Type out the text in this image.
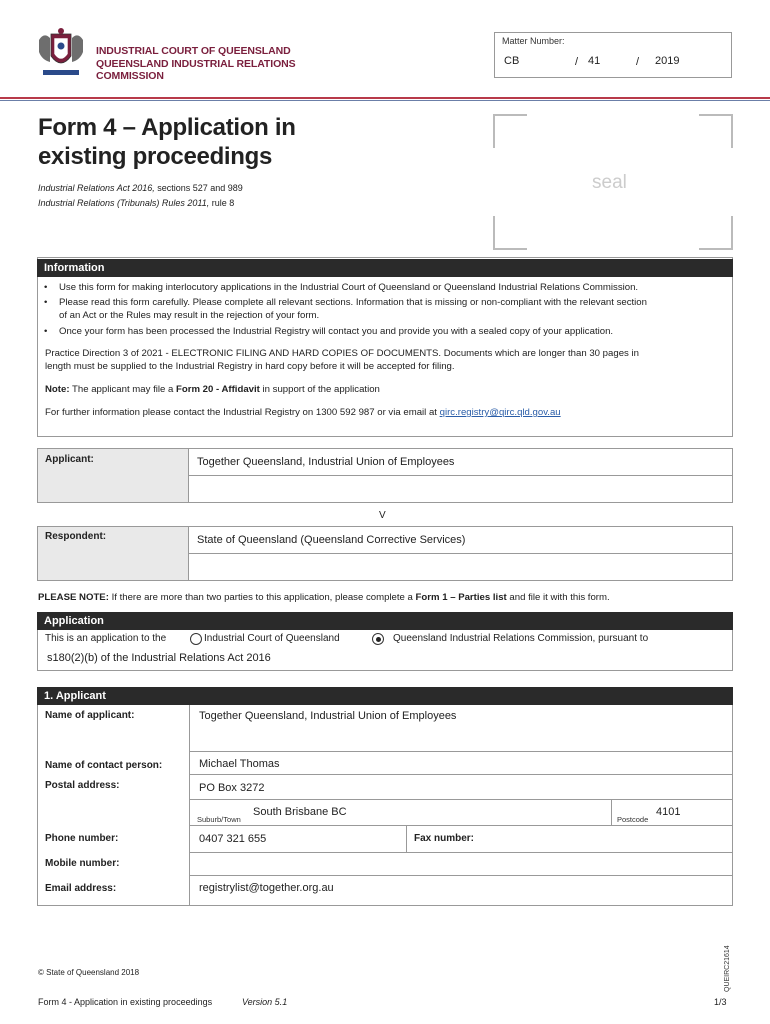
INDUSTRIAL COURT OF QUEENSLAND
QUEENSLAND INDUSTRIAL RELATIONS
COMMISSION
Matter Number:
CB	/ 41	/ 2019
Form 4 – Application in
existing proceedings
Industrial Relations Act 2016, sections 527 and 989
Industrial Relations (Tribunals) Rules 2011, rule 8
seal
Information
• Use this form for making interlocutory applications in the Industrial Court of Queensland or Queensland Industrial Relations Commission.
• Please read this form carefully. Please complete all relevant sections. Information that is missing or non-compliant with the relevant section
of an Act or the Rules may result in the rejection of your form.
• Once your form has been processed the Industrial Registry will contact you and provide you with a sealed copy of your application.
Practice Direction 3 of 2021 - ELECTRONIC FILING AND HARD COPIES OF DOCUMENTS. Documents which are longer than 30 pages in
length must be supplied to the Industrial Registry in hard copy before it will be accepted for filing.
Note: The applicant may file a Form 20 - Affidavit in support of the application
For further information please contact the Industrial Registry on 1300 592 987 or via email at qirc.registry@qirc.qld.gov.au
Applicant:	Together Queensland, Industrial Union of Employees
V
Respondent:	State of Queensland (Queensland Corrective Services)
PLEASE NOTE: If there are more than two parties to this application, please complete a Form 1 – Parties list and file it with this form.
Application
This is an application to the	Industrial Court of Queensland	Queensland Industrial Relations Commission, pursuant to
s180(2)(b) of the Industrial Relations Act 2016
1. Applicant
Name of applicant:	Together Queensland, Industrial Union of Employees
Name of contact person:	Michael Thomas
Postal address:	PO Box 3272
Suburb/Town
South Brisbane BC
Postcode
4101
Phone number:	0407 321 655	Fax number:
Mobile number:
Email address:	registrylist@together.org.au
QUEIRC21614
© State of Queensland 2018
Form 4 - Application in existing proceedings	Version 5.1	1/3
